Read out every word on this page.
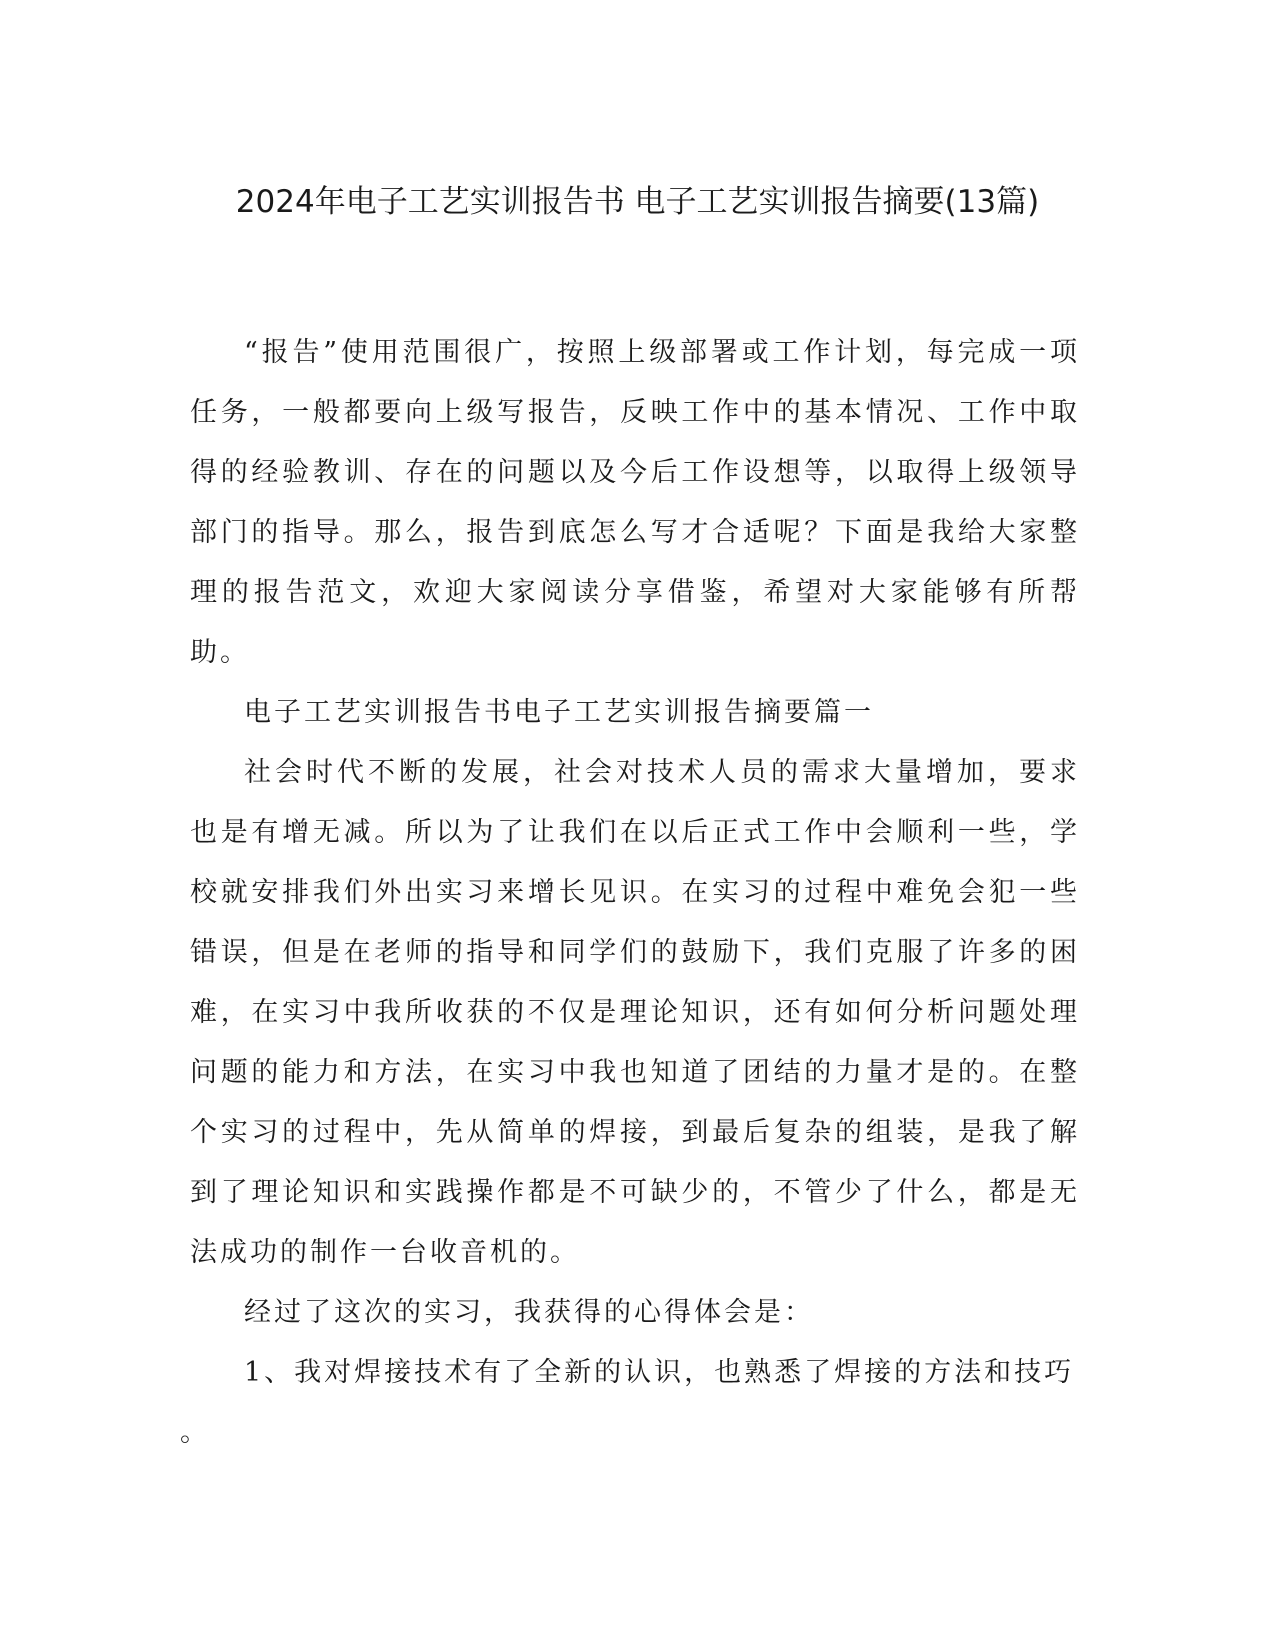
2024年电子工艺实训报告书 电子工艺实训报告摘要(13篇)

“报告”使用范围很广，按照上级部署或工作计划，每完成一项任务，一般都要向上级写报告，反映工作中的基本情况、工作中取得的经验教训、存在的问题以及今后工作设想等，以取得上级领导部门的指导。那么，报告到底怎么写才合适呢？下面是我给大家整理的报告范文，欢迎大家阅读分享借鉴，希望对大家能够有所帮助。

电子工艺实训报告书电子工艺实训报告摘要篇一

社会时代不断的发展，社会对技术人员的需求大量增加，要求也是有增无减。所以为了让我们在以后正式工作中会顺利一些，学校就安排我们外出实习来增长见识。在实习的过程中难免会犯一些错误，但是在老师的指导和同学们的鼓励下，我们克服了许多的困难，在实习中我所收获的不仅是理论知识，还有如何分析问题处理问题的能力和方法，在实习中我也知道了团结的力量才是的。在整个实习的过程中，先从简单的焊接，到最后复杂的组装，是我了解到了理论知识和实践操作都是不可缺少的，不管少了什么，都是无法成功的制作一台收音机的。

经过了这次的实习，我获得的心得体会是：

1、我对焊接技术有了全新的认识，也熟悉了焊接的方法和技巧

。
